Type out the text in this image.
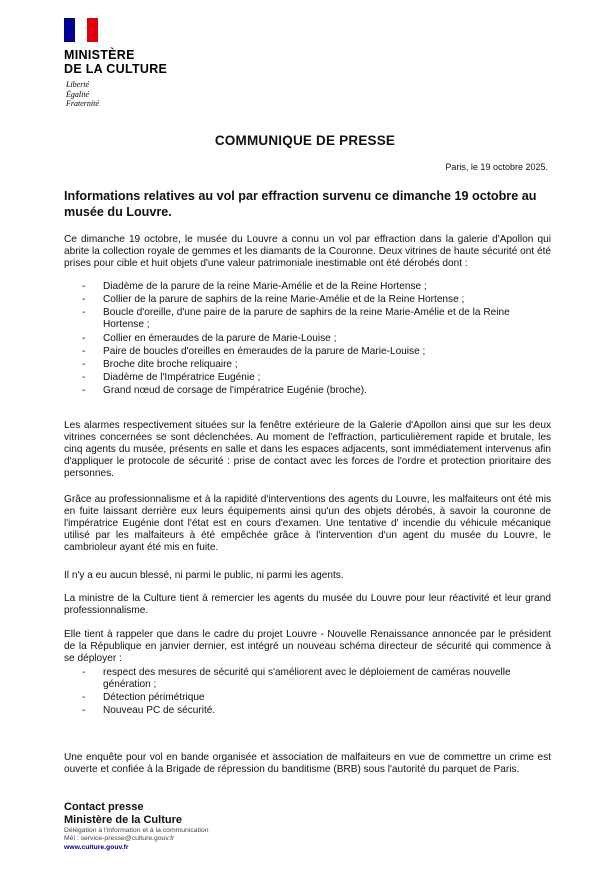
MINISTÈRE
DE LA CULTURE
Liberté
Égalité
Fraternité
COMMUNIQUE DE PRESSE
Paris, le 19 octobre 2025.
Informations relatives au vol par effraction survenu ce dimanche 19 octobre au musée du Louvre.
Ce dimanche 19 octobre, le musée du Louvre a connu un vol par effraction dans la galerie d'Apollon qui abrite la collection royale de gemmes et les diamants de la Couronne. Deux vitrines de haute sécurité ont été prises pour cible et huit objets d'une valeur patrimoniale inestimable ont été dérobés dont :
- Diadème de la parure de la reine Marie-Amélie et de la Reine Hortense ;
- Collier de la parure de saphirs de la reine Marie-Amélie et de la Reine Hortense ;
- Boucle d'oreille, d'une paire de la parure de saphirs de la reine Marie-Amélie et de la Reine Hortense ;
- Collier en émeraudes de la parure de Marie-Louise ;
- Paire de boucles d'oreilles en émeraudes de la parure de Marie-Louise ;
- Broche dite broche reliquaire ;
- Diadème de l'Impératrice Eugénie ;
- Grand nœud de corsage de l'impératrice Eugénie (broche).
Les alarmes respectivement situées sur la fenêtre extérieure de la Galerie d'Apollon ainsi que sur les deux vitrines concernées se sont déclenchées. Au moment de l'effraction, particulièrement rapide et brutale, les cinq agents du musée, présents en salle et dans les espaces adjacents, sont immédiatement intervenus afin d'appliquer le protocole de sécurité : prise de contact avec les forces de l'ordre et protection prioritaire des personnes.
Grâce au professionnalisme et à la rapidité d'interventions des agents du Louvre, les malfaiteurs ont été mis en fuite laissant derrière eux leurs équipements ainsi qu'un des objets dérobés, à savoir la couronne de l'impératrice Eugénie dont l'état est en cours d'examen. Une tentative d' incendie du véhicule mécanique utilisé par les malfaiteurs à été empêchée grâce à l'intervention d'un agent du musée du Louvre, le cambrioleur ayant été mis en fuite.
Il n'y a eu aucun blessé, ni parmi le public, ni parmi les agents.
La ministre de la Culture tient à remercier les agents du musée du Louvre pour leur réactivité et leur grand professionnalisme.
Elle tient à rappeler que dans le cadre du projet Louvre - Nouvelle Renaissance annoncée par le président de la République en janvier dernier, est intégré un nouveau schéma directeur de sécurité qui commence à se déployer :
- respect des mesures de sécurité qui s'améliorent avec le déploiement de caméras nouvelle génération ;
- Détection périmétrique
- Nouveau PC de sécurité.
Une enquête pour vol en bande organisée et association de malfaiteurs en vue de commettre un crime est ouverte et confiée à la Brigade de répression du banditisme (BRB) sous l'autorité du parquet de Paris.
Contact presse
Ministère de la Culture
Délégation à l'information et à la communication
Mél : service-presse@culture.gouv.fr
www.culture.gouv.fr
